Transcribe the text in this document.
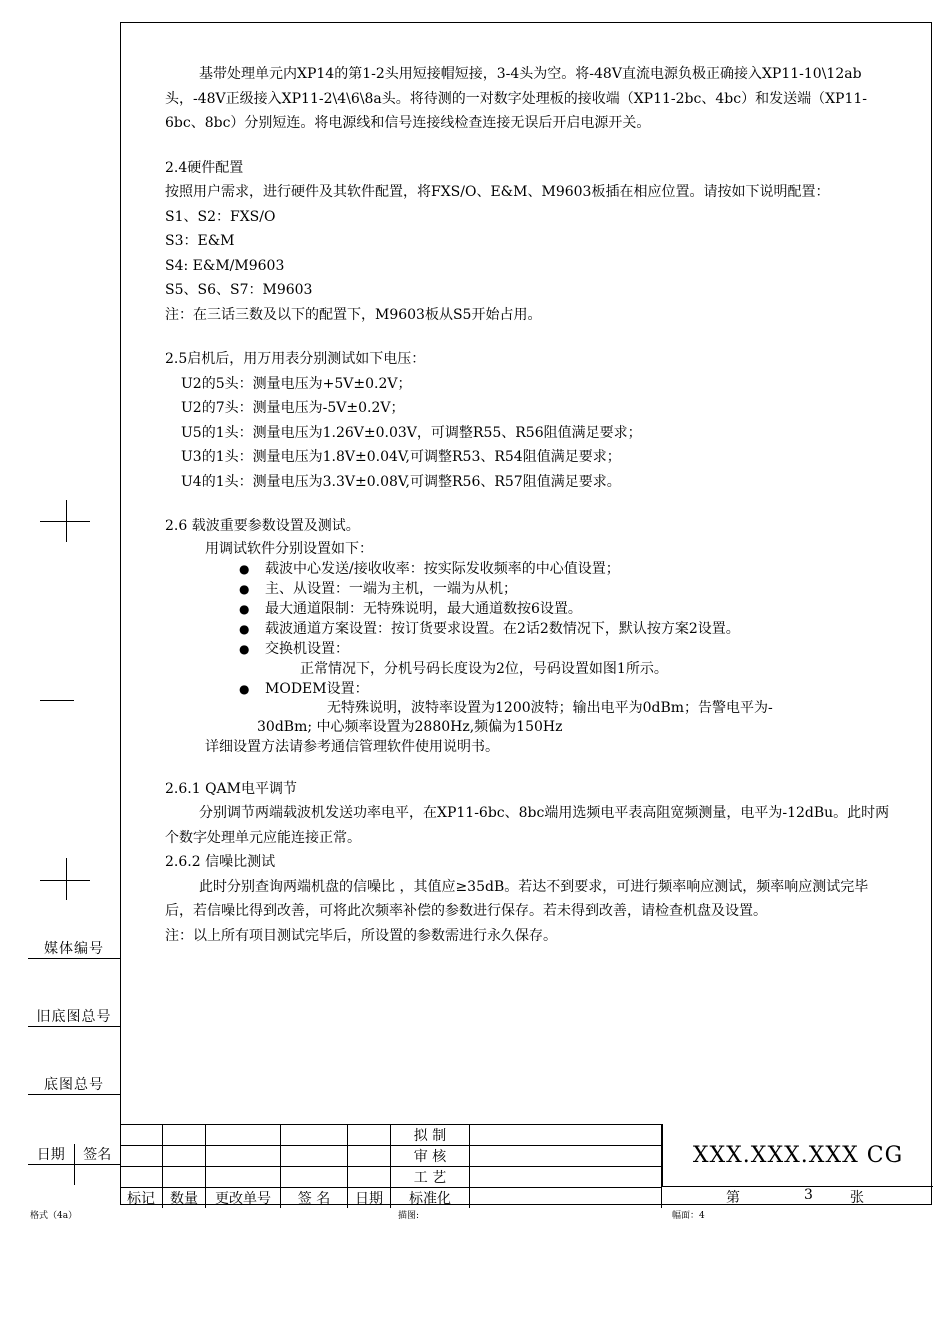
基带处理单元内XP14的第1-2头用短接帽短接，3-4头为空。将-48V直流电源负极正确接入XP11-10\12ab头，-48V正级接入XP11-2\4\6\8a头。将待测的一对数字处理板的接收端（XP11-2bc、4bc）和发送端（XP11-6bc、8bc）分别短连。将电源线和信号连接线检查连接无误后开启电源开关。

2.4硬件配置

按照用户需求，进行硬件及其软件配置，将FXS/O、E&M、M9603板插在相应位置。请按如下说明配置：

S1、S2：FXS/O

S3：E&M

S4: E&M/M9603

S5、S6、S7：M9603

注：在三话三数及以下的配置下，M9603板从S5开始占用。

2.5启机后，用万用表分别测试如下电压：

U2的5头：测量电压为+5V±0.2V；

U2的7头：测量电压为-5V±0.2V；

U5的1头：测量电压为1.26V±0.03V，可调整R55、R56阻值满足要求；

U3的1头：测量电压为1.8V±0.04V,可调整R53、R54阻值满足要求；

U4的1头：测量电压为3.3V±0.08V,可调整R56、R57阻值满足要求。

2.6 载波重要参数设置及测试。

用调试软件分别设置如下：

● 载波中心发送/接收收率：按实际发收频率的中心值设置；

● 主、从设置：一端为主机，一端为从机；

● 最大通道限制：无特殊说明，最大通道数按6设置。

● 载波通道方案设置：按订货要求设置。在2话2数情况下，默认按方案2设置。

● 交换机设置：

正常情况下，分机号码长度设为2位，号码设置如图1所示。

● MODEM设置：

无特殊说明，波特率设置为1200波特；输出电平为0dBm；告警电平为-

30dBm; 中心频率设置为2880Hz,频偏为150Hz

详细设置方法请参考通信管理软件使用说明书。

2.6.1 QAM电平调节

分别调节两端载波机发送功率电平，在XP11-6bc、8bc端用选频电平表高阻宽频测量，电平为-12dBu。此时两个数字处理单元应能连接正常。

2.6.2 信噪比测试

此时分别查询两端机盘的信噪比 ，其值应≥35dB。若达不到要求，可进行频率响应测试，频率响应测试完毕后，若信噪比得到改善，可将此次频率补偿的参数进行保存。若未得到改善，请检查机盘及设置。

注：以上所有项目测试完毕后，所设置的参数需进行永久保存。

媒体编号
旧底图总号
底图总号
日期	签名

					拟 制	
					审 核	
					工 艺	
标记	数量	更改单号	签 名	日期	标准化	
XXX.XXX.XXX CG
第	3	张
格式（4a）	描图:	幅面：4
